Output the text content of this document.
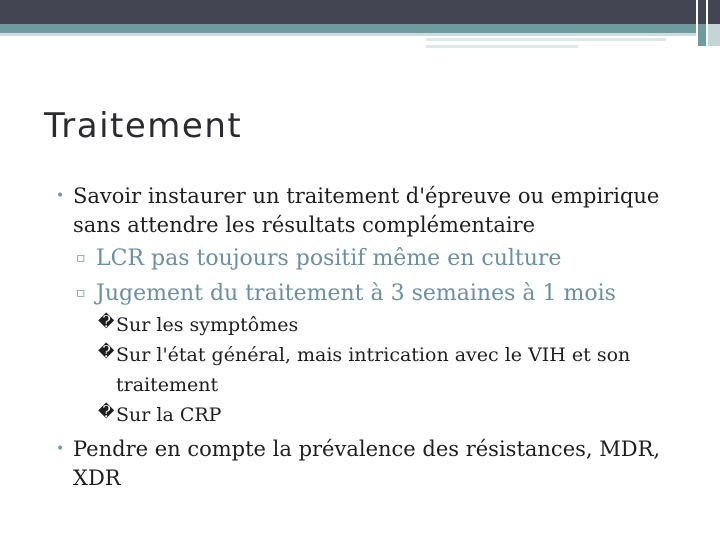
Traitement
• Savoir instaurer un traitement d'épreuve ou empirique
sans attendre les résultats complémentaire
▫ LCR pas toujours positif même en culture
▫ Jugement du traitement à 3 semaines à 1 mois
� Sur les symptômes
� Sur l'état général, mais intrication avec le VIH et son
traitement
� Sur la CRP
• Pendre en compte la prévalence des résistances, MDR,
XDR
